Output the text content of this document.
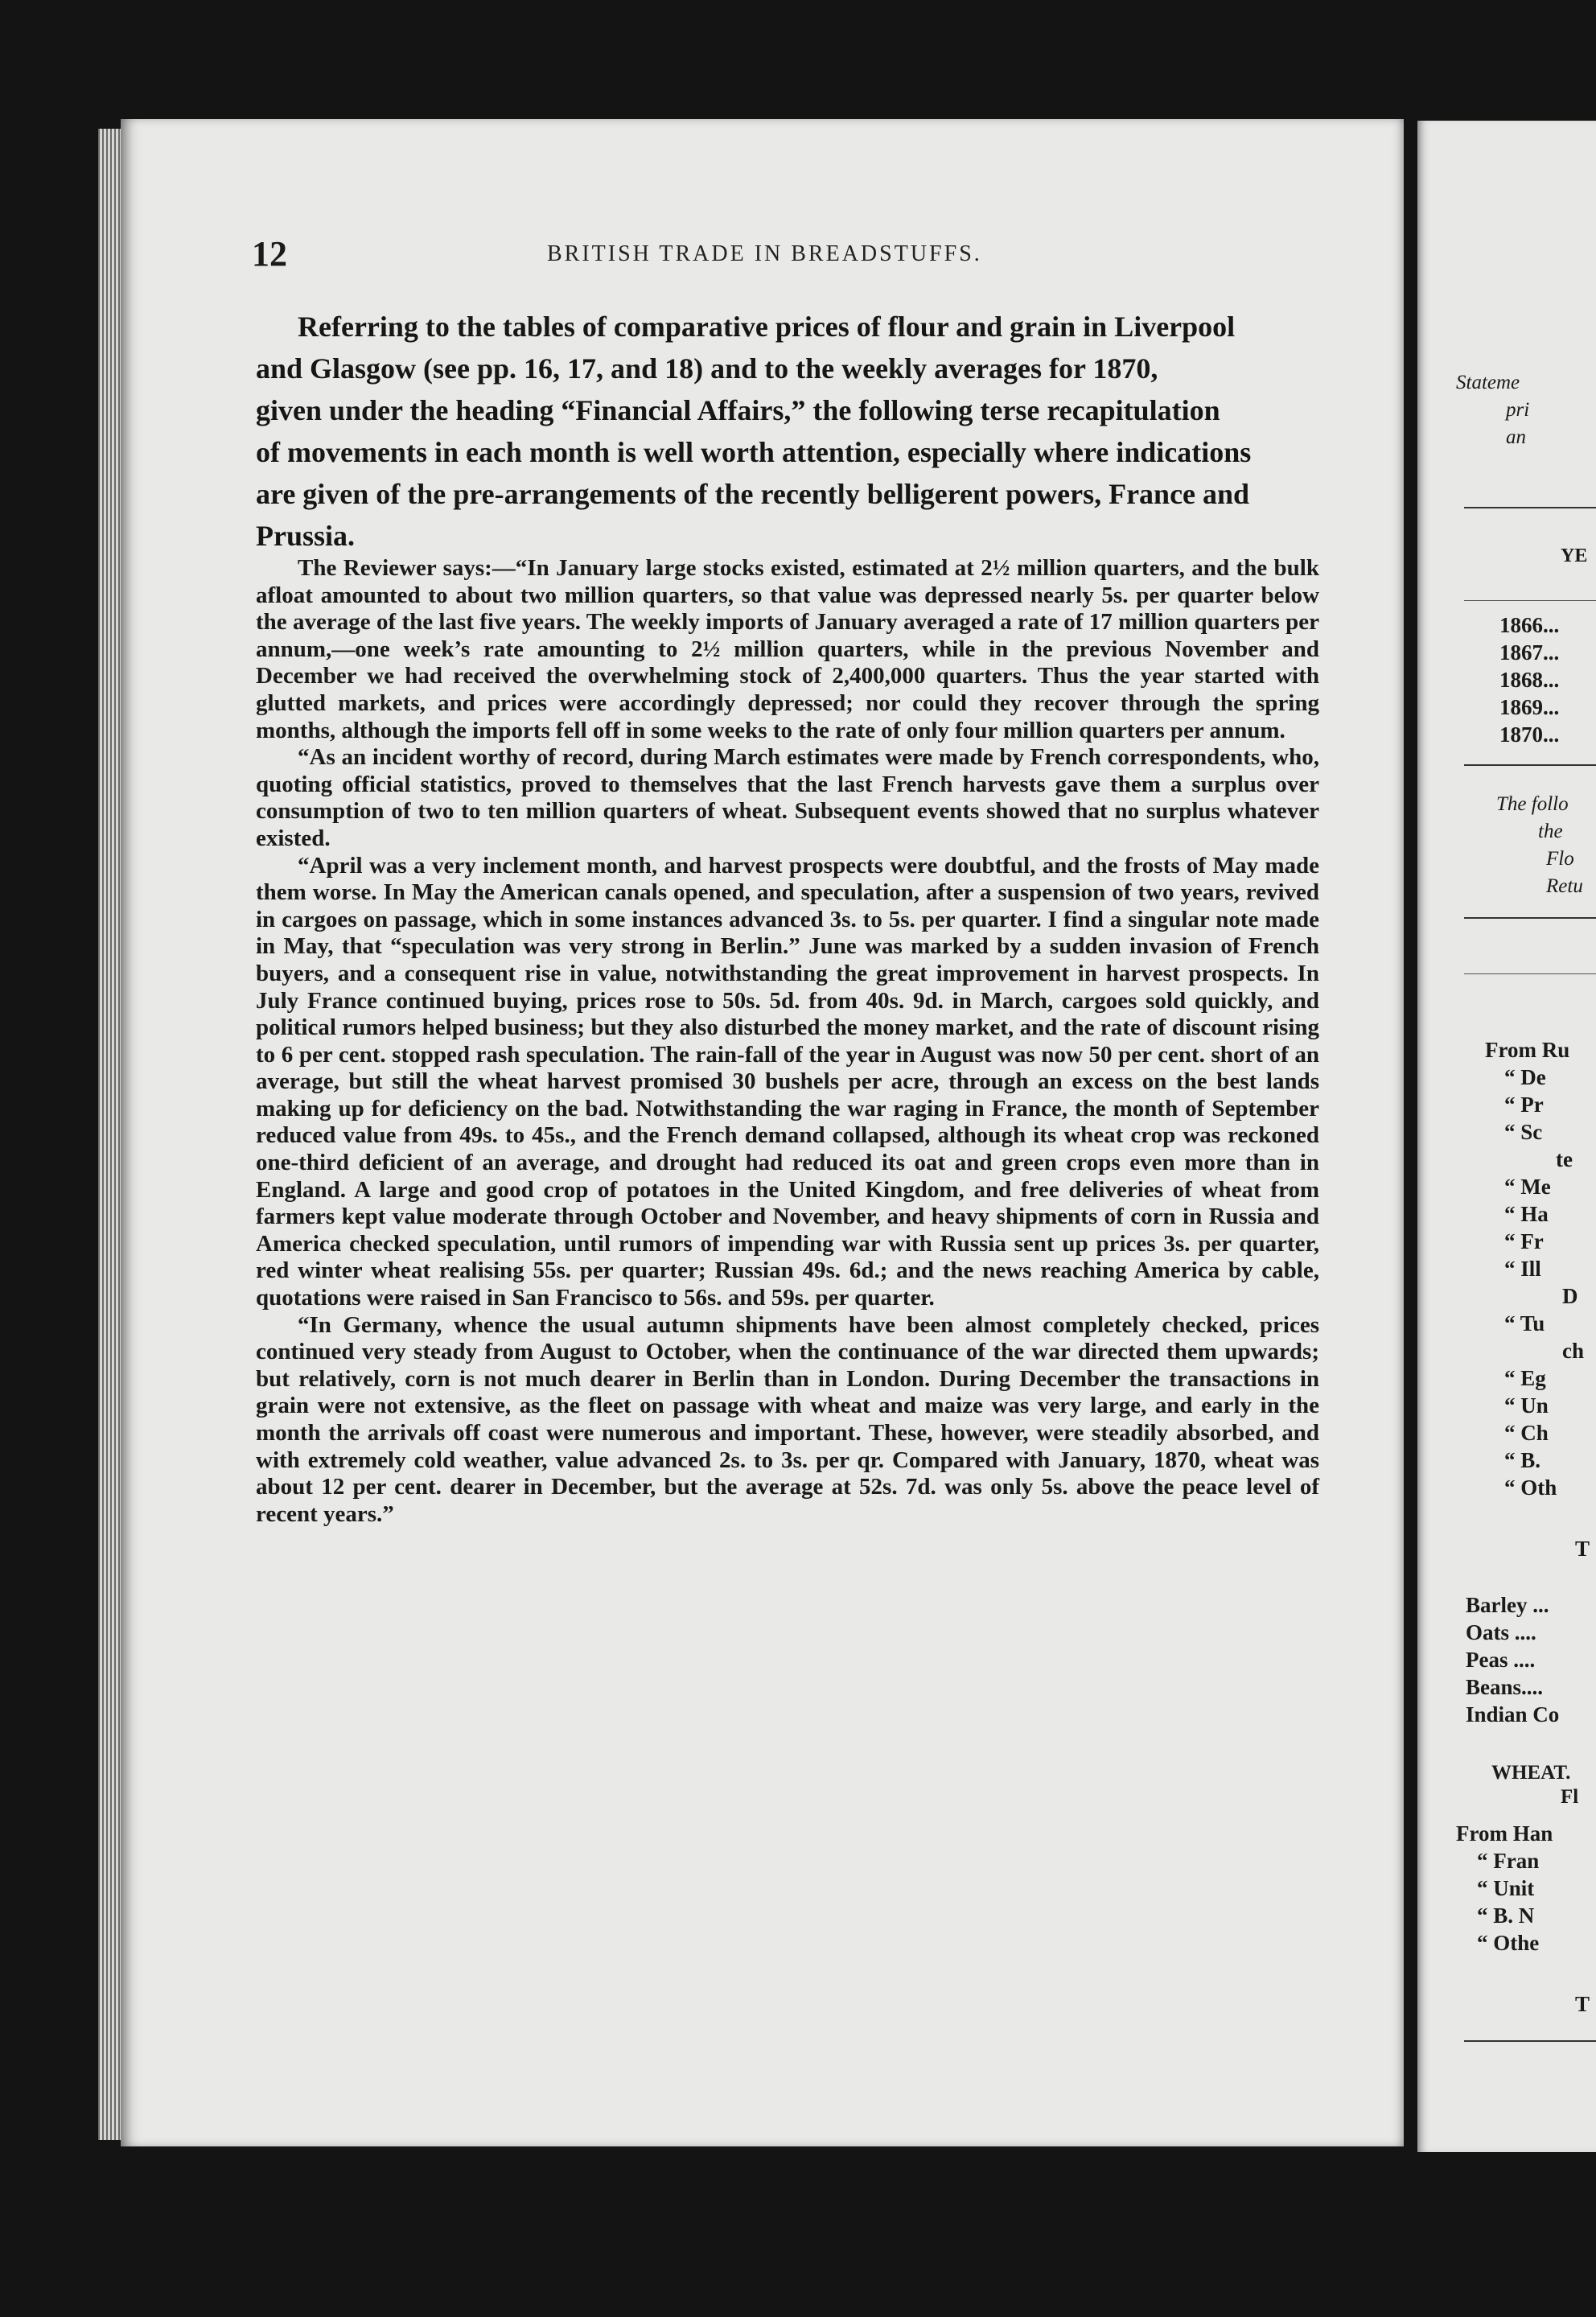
12	BRITISH TRADE IN BREADSTUFFS.
Referring to the tables of comparative prices of flour and grain in Liverpool
and Glasgow (see pp. 16, 17, and 18) and to the weekly averages for 1870,
given under the heading “Financial Affairs,” the following terse recapitulation
of movements in each month is well worth attention, especially where indications
are given of the pre-arrangements of the recently belligerent powers, France and
Prussia.

The Reviewer says:—“In January large stocks existed, estimated at 2½ million quarters, and the bulk afloat amounted to about two million quarters, so that value was depressed nearly 5s. per quarter below the average of the last five years. The weekly imports of January averaged a rate of 17 million quarters per annum,—one week’s rate amounting to 2½ million quarters, while in the previous November and December we had received the overwhelming stock of 2,400,000 quarters. Thus the year started with glutted markets, and prices were accordingly depressed; nor could they recover through the spring months, although the imports fell off in some weeks to the rate of only four million quarters per annum.

“As an incident worthy of record, during March estimates were made by French correspondents, who, quoting official statistics, proved to themselves that the last French harvests gave them a surplus over consumption of two to ten million quarters of wheat. Subsequent events showed that no surplus whatever existed.

“April was a very inclement month, and harvest prospects were doubtful, and the frosts of May made them worse. In May the American canals opened, and speculation, after a suspension of two years, revived in cargoes on passage, which in some instances advanced 3s. to 5s. per quarter. I find a singular note made in May, that “speculation was very strong in Berlin.” June was marked by a sudden invasion of French buyers, and a consequent rise in value, notwithstanding the great improvement in harvest prospects. In July France continued buying, prices rose to 50s. 5d. from 40s. 9d. in March, cargoes sold quickly, and political rumors helped business; but they also disturbed the money market, and the rate of discount rising to 6 per cent. stopped rash speculation. The rain-fall of the year in August was now 50 per cent. short of an average, but still the wheat harvest promised 30 bushels per acre, through an excess on the best lands making up for deficiency on the bad. Notwithstanding the war raging in France, the month of September reduced value from 49s. to 45s., and the French demand collapsed, although its wheat crop was reckoned one-third deficient of an average, and drought had reduced its oat and green crops even more than in England. A large and good crop of potatoes in the United Kingdom, and free deliveries of wheat from farmers kept value moderate through October and November, and heavy shipments of corn in Russia and America checked speculation, until rumors of impending war with Russia sent up prices 3s. per quarter, red winter wheat realising 55s. per quarter; Russian 49s. 6d.; and the news reaching America by cable, quotations were raised in San Francisco to 56s. and 59s. per quarter.

“In Germany, whence the usual autumn shipments have been almost completely checked, prices continued very steady from August to October, when the continuance of the war directed them upwards; but relatively, corn is not much dearer in Berlin than in London. During December the transactions in grain were not extensive, as the fleet on passage with wheat and maize was very large, and early in the month the arrivals off coast were numerous and important. These, however, were steadily absorbed, and with extremely cold weather, value advanced 2s. to 3s. per qr. Compared with January, 1870, wheat was about 12 per cent. dearer in December, but the average at 52s. 7d. was only 5s. above the peace level of recent years.”

Stateme
pri
an
YE
1866...
1867...
1868...
1869...
1870...
The follo
the
Flo
Retu
From Ru
“ De
“ Pr
“ Sc
te
“ Me
“ Ha
“ Fr
“ Ill
D
“ Tu
ch
“ Eg
“ Un
“ Ch
“ B.
“ Oth
T
Barley ...
Oats ....
Peas ....
Beans....
Indian Co
WHEAT.
Fl
From Han
“ Fran
“ Unit
“ B. N
“ Othe
T
